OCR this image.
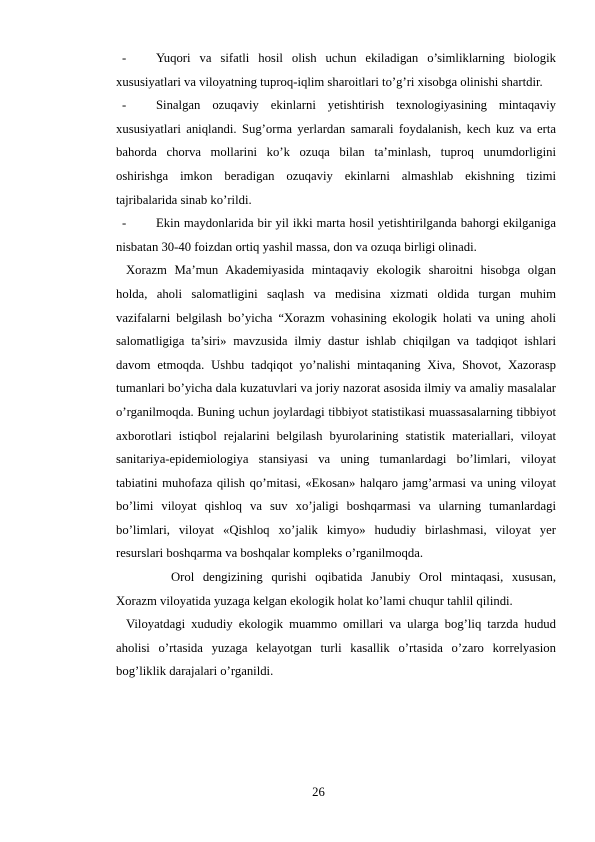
- Yuqori va sifatli hosil olish uchun ekiladigan o’simliklarning biologik xususiyatlari va viloyatning tuproq-iqlim sharoitlari to’g’ri xisobga olinishi shartdir.

- Sinalgan ozuqaviy ekinlarni yetishtirish texnologiyasining mintaqaviy xususiyatlari aniqlandi. Sug’orma yerlardan samarali foydalanish, kech kuz va erta bahorda chorva mollarini ko’k ozuqa bilan ta’minlash, tuproq unumdorligini oshirishga imkon beradigan ozuqaviy ekinlarni almashlab ekishning tizimi tajribalarida sinab ko’rildi.

- Ekin maydonlarida bir yil ikki marta hosil yetishtirilganda bahorgi ekilganiga nisbatan 30-40 foizdan ortiq yashil massa, don va ozuqa birligi olinadi.

Xorazm Ma’mun Akademiyasida mintaqaviy ekologik sharoitni hisobga olgan holda, aholi salomatligini saqlash va medisina xizmati oldida turgan muhim vazifalarni belgilash bo’yicha “Xorazm vohasining ekologik holati va uning aholi salomatligiga ta’siri» mavzusida ilmiy dastur ishlab chiqilgan va tadqiqot ishlari davom etmoqda. Ushbu tadqiqot yo’nalishi mintaqaning Xiva, Shovot, Xazorasp tumanlari bo’yicha dala kuzatuvlari va joriy nazorat asosida ilmiy va amaliy masalalar o’rganilmoqda. Buning uchun joylardagi tibbiyot statistikasi muassasalarning tibbiyot axborotlari istiqbol rejalarini belgilash byurolarining statistik materiallari, viloyat sanitariya-epidemiologiya stansiyasi va uning tumanlardagi bo’limlari, viloyat tabiatini muhofaza qilish qo’mitasi, «Ekosan» halqaro jamg’armasi va uning viloyat bo’limi viloyat qishloq va suv xo’jaligi boshqarmasi va ularning tumanlardagi bo’limlari, viloyat «Qishloq xo’jalik kimyo» hududiy birlashmasi, viloyat yer resurslari boshqarma va boshqalar kompleks o’rganilmoqda.

Orol dengizining qurishi oqibatida Janubiy Orol mintaqasi, xususan, Xorazm viloyatida yuzaga kelgan ekologik holat ko’lami chuqur tahlil qilindi.

Viloyatdagi xududiy ekologik muammo omillari va ularga bog’liq tarzda hudud aholisi o’rtasida yuzaga kelayotgan turli kasallik o’rtasida o’zaro korrelyasion bog’liklik darajalari o’rganildi.

26
